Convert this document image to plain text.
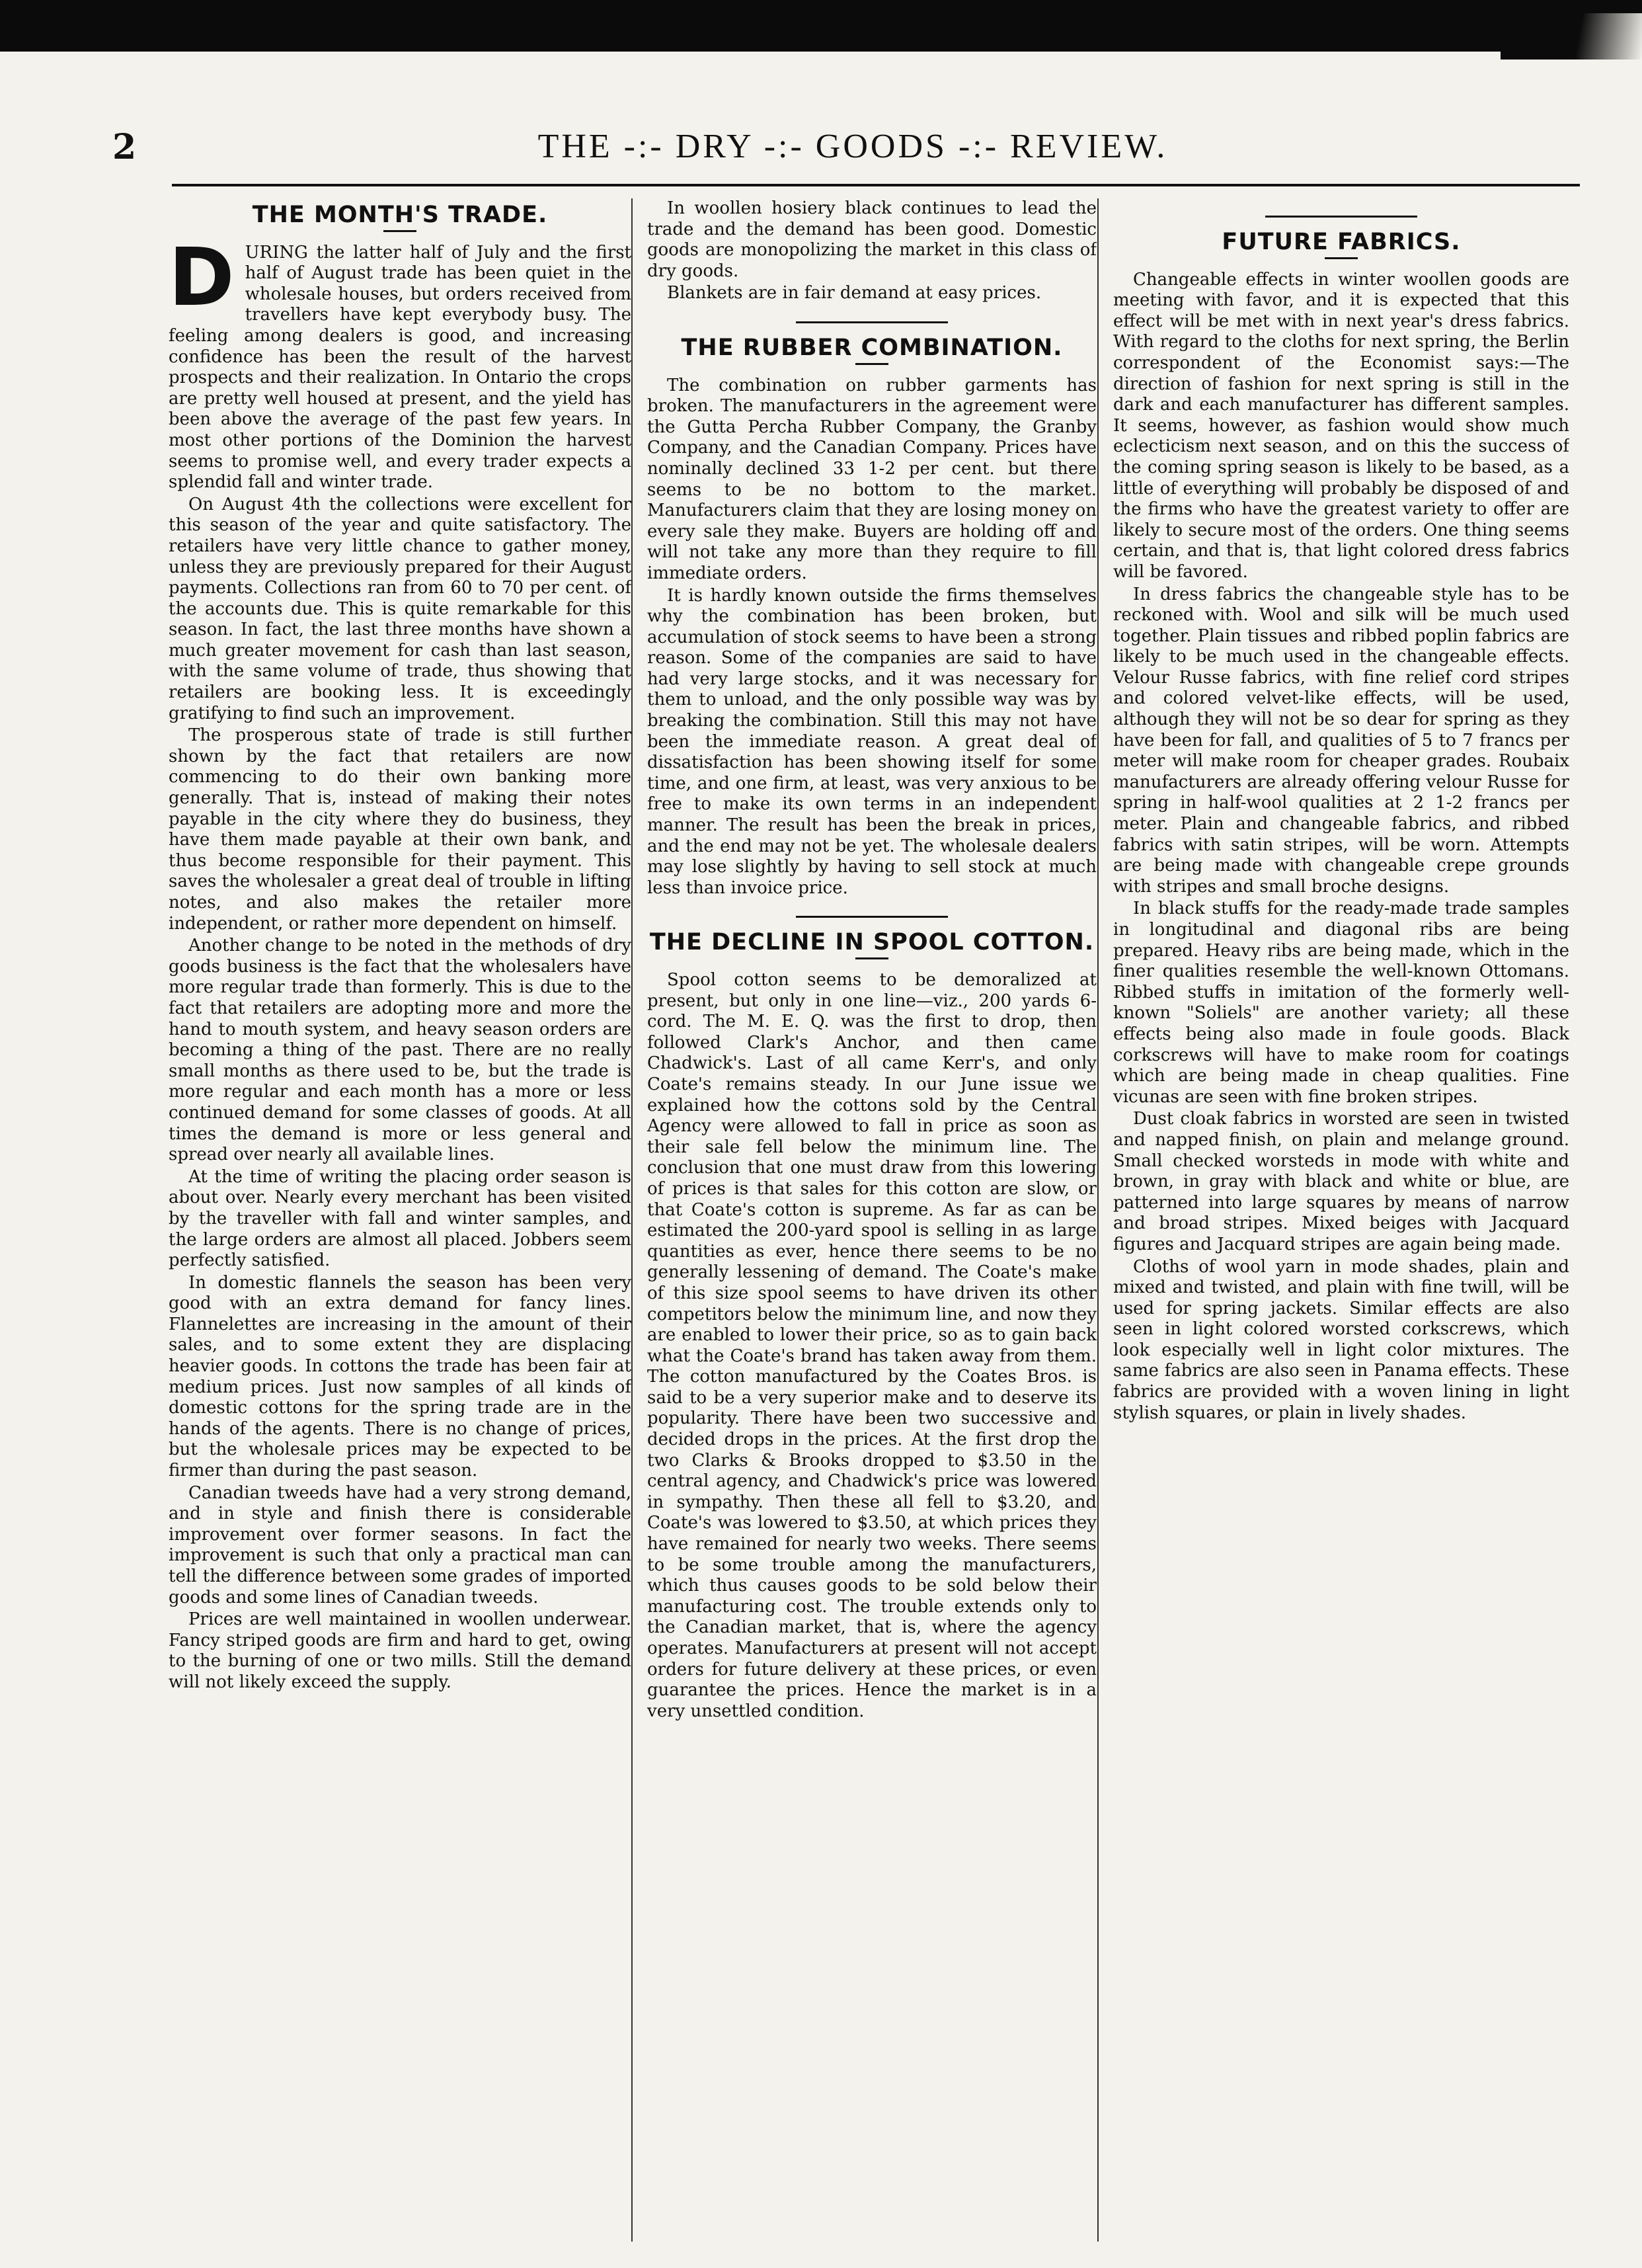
2	THE -:- DRY -:- GOODS -:- REVIEW.
THE MONTH'S TRADE.

DURING the latter half of July and the first half of August trade has been quiet in the wholesale houses, but orders received from travellers have kept everybody busy. The feeling among dealers is good, and increasing confidence has been the result of the harvest prospects and their realization. In Ontario the crops are pretty well housed at present, and the yield has been above the average of the past few years. In most other portions of the Dominion the harvest seems to promise well, and every trader expects a splendid fall and winter trade.

On August 4th the collections were excellent for this season of the year and quite satisfactory. The retailers have very little chance to gather money, unless they are previously prepared for their August payments. Collections ran from 60 to 70 per cent. of the accounts due. This is quite remarkable for this season. In fact, the last three months have shown a much greater movement for cash than last season, with the same volume of trade, thus showing that retailers are booking less. It is exceedingly gratifying to find such an improvement.

The prosperous state of trade is still further shown by the fact that retailers are now commencing to do their own banking more generally. That is, instead of making their notes payable in the city where they do business, they have them made payable at their own bank, and thus become responsible for their payment. This saves the wholesaler a great deal of trouble in lifting notes, and also makes the retailer more independent, or rather more dependent on himself.

Another change to be noted in the methods of dry goods business is the fact that the wholesalers have more regular trade than formerly. This is due to the fact that retailers are adopting more and more the hand to mouth system, and heavy season orders are becoming a thing of the past. There are no really small months as there used to be, but the trade is more regular and each month has a more or less continued demand for some classes of goods. At all times the demand is more or less general and spread over nearly all available lines.

At the time of writing the placing order season is about over. Nearly every merchant has been visited by the traveller with fall and winter samples, and the large orders are almost all placed. Jobbers seem perfectly satisfied.

In domestic flannels the season has been very good with an extra demand for fancy lines. Flannelettes are increasing in the amount of their sales, and to some extent they are displacing heavier goods. In cottons the trade has been fair at medium prices. Just now samples of all kinds of domestic cottons for the spring trade are in the hands of the agents. There is no change of prices, but the wholesale prices may be expected to be firmer than during the past season.

Canadian tweeds have had a very strong demand, and in style and finish there is considerable improvement over former seasons. In fact the improvement is such that only a practical man can tell the difference between some grades of imported goods and some lines of Canadian tweeds.

Prices are well maintained in woollen underwear. Fancy striped goods are firm and hard to get, owing to the burning of one or two mills. Still the demand will not likely exceed the supply.

In woollen hosiery black continues to lead the trade and the demand has been good. Domestic goods are monopolizing the market in this class of dry goods.

Blankets are in fair demand at easy prices.

THE RUBBER COMBINATION.

The combination on rubber garments has broken. The manufacturers in the agreement were the Gutta Percha Rubber Company, the Granby Company, and the Canadian Company. Prices have nominally declined 33 1-2 per cent. but there seems to be no bottom to the market. Manufacturers claim that they are losing money on every sale they make. Buyers are holding off and will not take any more than they require to fill immediate orders.

It is hardly known outside the firms themselves why the combination has been broken, but accumulation of stock seems to have been a strong reason. Some of the companies are said to have had very large stocks, and it was necessary for them to unload, and the only possible way was by breaking the combination. Still this may not have been the immediate reason. A great deal of dissatisfaction has been showing itself for some time, and one firm, at least, was very anxious to be free to make its own terms in an independent manner. The result has been the break in prices, and the end may not be yet. The wholesale dealers may lose slightly by having to sell stock at much less than invoice price.

THE DECLINE IN SPOOL COTTON.

Spool cotton seems to be demoralized at present, but only in one line—viz., 200 yards 6-cord. The M. E. Q. was the first to drop, then followed Clark's Anchor, and then came Chadwick's. Last of all came Kerr's, and only Coate's remains steady. In our June issue we explained how the cottons sold by the Central Agency were allowed to fall in price as soon as their sale fell below the minimum line. The conclusion that one must draw from this lowering of prices is that sales for this cotton are slow, or that Coate's cotton is supreme. As far as can be estimated the 200-yard spool is selling in as large quantities as ever, hence there seems to be no generally lessening of demand. The Coate's make of this size spool seems to have driven its other competitors below the minimum line, and now they are enabled to lower their price, so as to gain back what the Coate's brand has taken away from them. The cotton manufactured by the Coates Bros. is said to be a very superior make and to deserve its popularity. There have been two successive and decided drops in the prices. At the first drop the two Clarks & Brooks dropped to $3.50 in the central agency, and Chadwick's price was lowered in sympathy. Then these all fell to $3.20, and Coate's was lowered to $3.50, at which prices they have remained for nearly two weeks. There seems to be some trouble among the manufacturers, which thus causes goods to be sold below their manufacturing cost. The trouble extends only to the Canadian market, that is, where the agency operates. Manufacturers at present will not accept orders for future delivery at these prices, or even guarantee the prices. Hence the market is in a very unsettled condition.

FUTURE FABRICS.

Changeable effects in winter woollen goods are meeting with favor, and it is expected that this effect will be met with in next year's dress fabrics. With regard to the cloths for next spring, the Berlin correspondent of the Economist says:—The direction of fashion for next spring is still in the dark and each manufacturer has different samples. It seems, however, as fashion would show much eclecticism next season, and on this the success of the coming spring season is likely to be based, as a little of everything will probably be disposed of and the firms who have the greatest variety to offer are likely to secure most of the orders. One thing seems certain, and that is, that light colored dress fabrics will be favored.

In dress fabrics the changeable style has to be reckoned with. Wool and silk will be much used together. Plain tissues and ribbed poplin fabrics are likely to be much used in the changeable effects. Velour Russe fabrics, with fine relief cord stripes and colored velvet-like effects, will be used, although they will not be so dear for spring as they have been for fall, and qualities of 5 to 7 francs per meter will make room for cheaper grades. Roubaix manufacturers are already offering velour Russe for spring in half-wool qualities at 2 1-2 francs per meter. Plain and changeable fabrics, and ribbed fabrics with satin stripes, will be worn. Attempts are being made with changeable crepe grounds with stripes and small broche designs.

In black stuffs for the ready-made trade samples in longitudinal and diagonal ribs are being prepared. Heavy ribs are being made, which in the finer qualities resemble the well-known Ottomans. Ribbed stuffs in imitation of the formerly well-known "Soliels" are another variety; all these effects being also made in foule goods. Black corkscrews will have to make room for coatings which are being made in cheap qualities. Fine vicunas are seen with fine broken stripes.

Dust cloak fabrics in worsted are seen in twisted and napped finish, on plain and melange ground. Small checked worsteds in mode with white and brown, in gray with black and white or blue, are patterned into large squares by means of narrow and broad stripes. Mixed beiges with Jacquard figures and Jacquard stripes are again being made.

Cloths of wool yarn in mode shades, plain and mixed and twisted, and plain with fine twill, will be used for spring jackets. Similar effects are also seen in light colored worsted corkscrews, which look especially well in light color mixtures. The same fabrics are also seen in Panama effects. These fabrics are provided with a woven lining in light stylish squares, or plain in lively shades.
